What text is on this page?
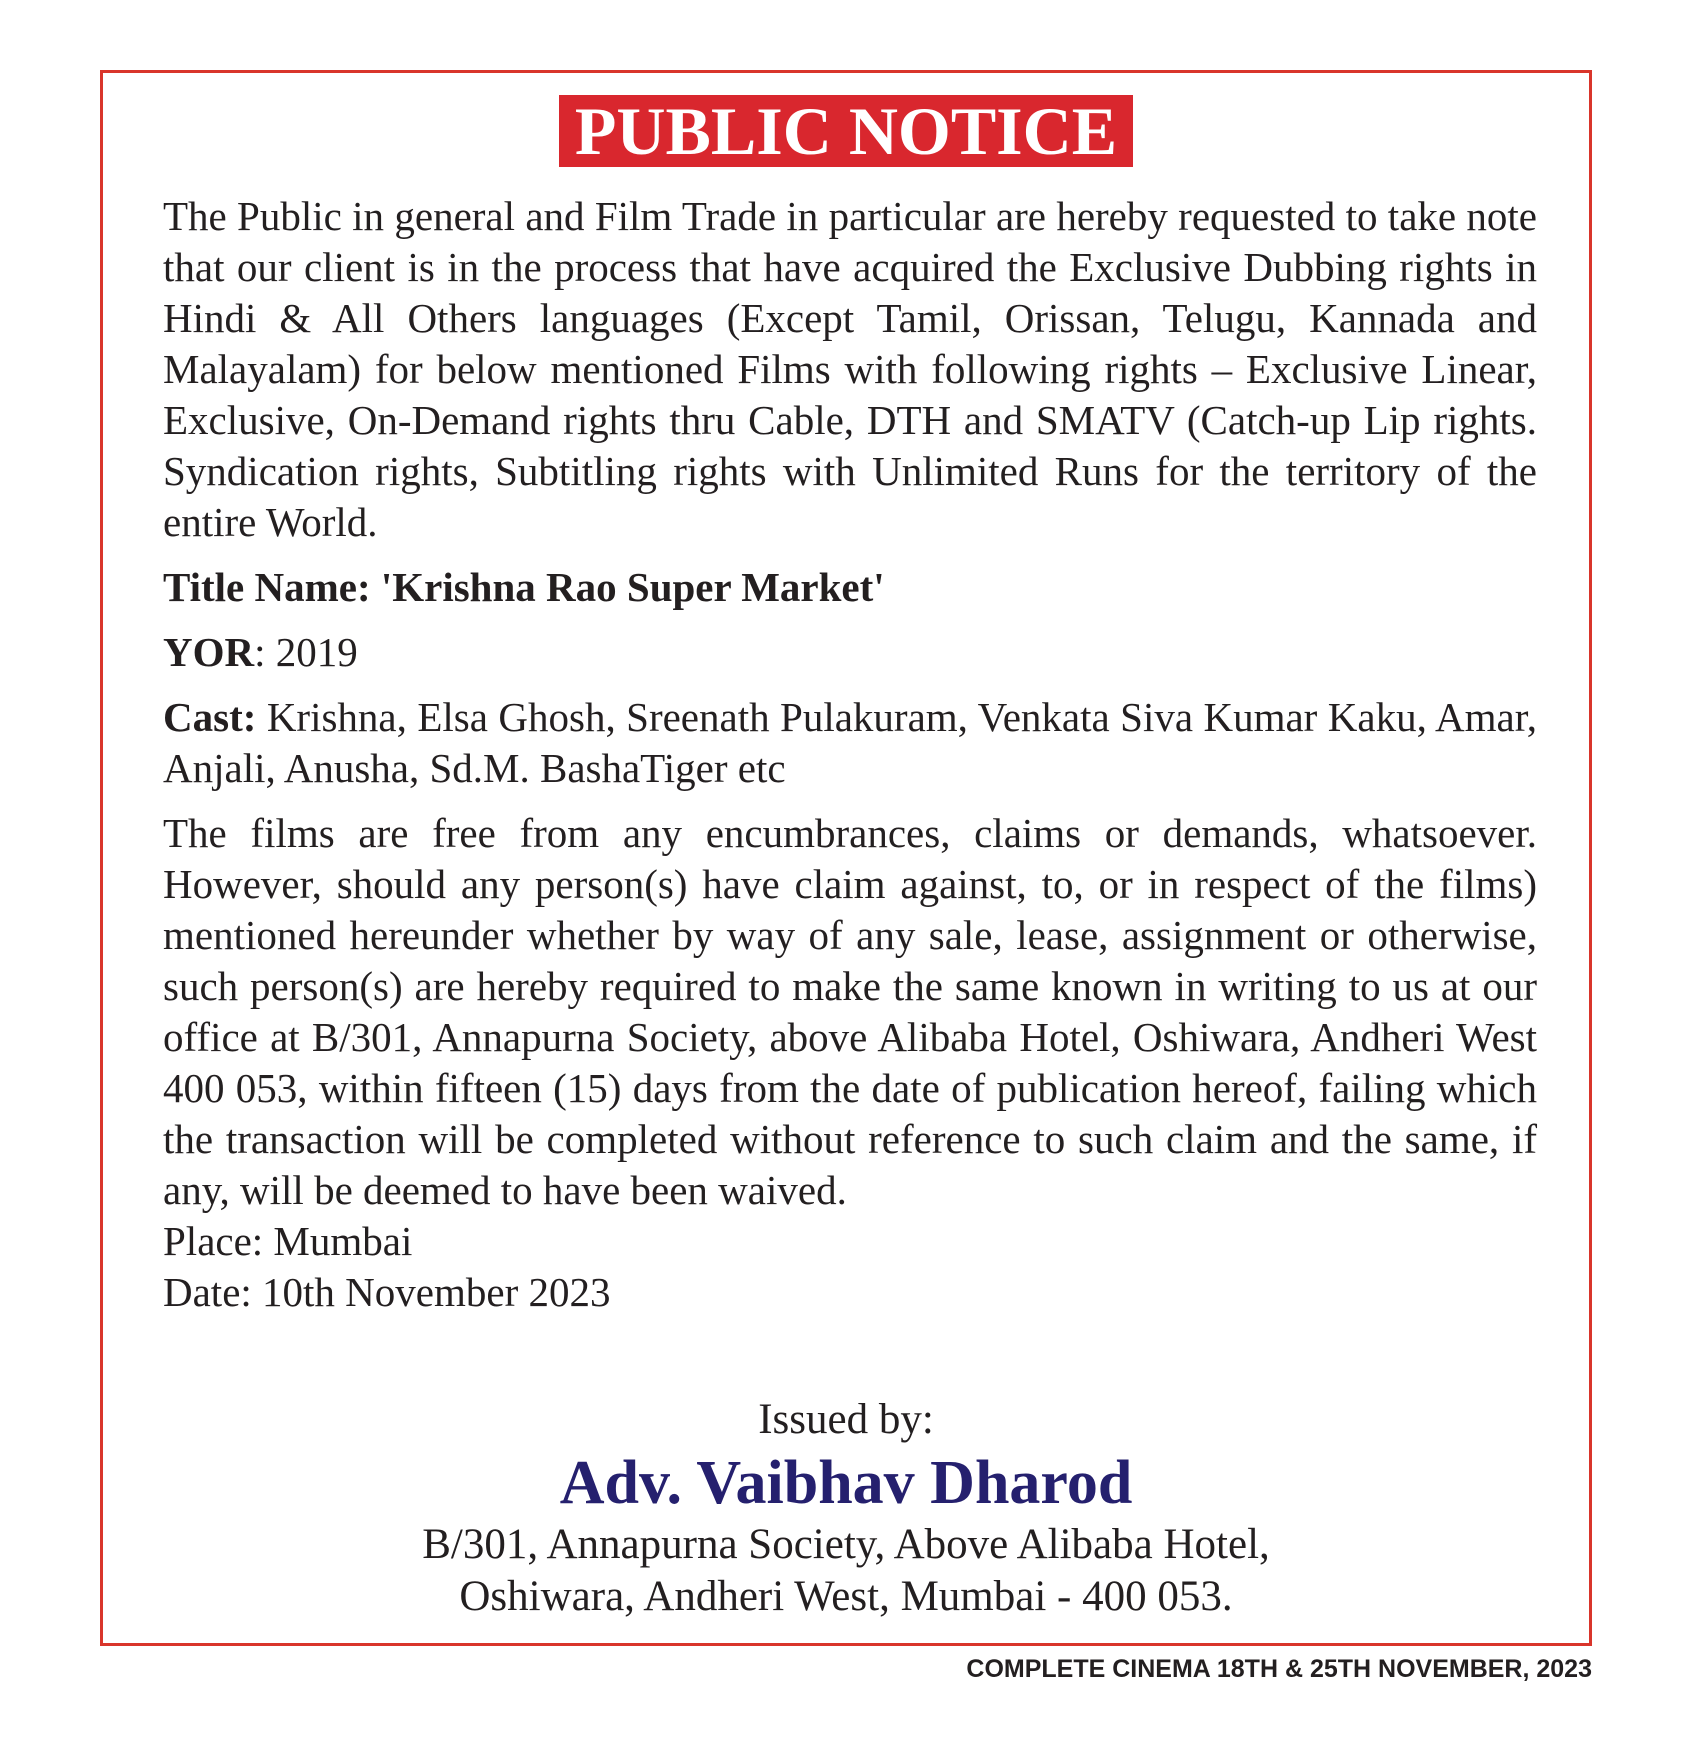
PUBLIC NOTICE

The Public in general and Film Trade in particular are hereby requested to take note that our client is in the process that have acquired the Exclusive Dubbing rights in Hindi & All Others languages (Except Tamil, Orissan, Telugu, Kannada and Malayalam) for below mentioned Films with following rights – Exclusive Linear, Exclusive, On-Demand rights thru Cable, DTH and SMATV (Catch-up Lip rights. Syndication rights, Subtitling rights with Unlimited Runs for the territory of the entire World.

Title Name: 'Krishna Rao Super Market'

YOR: 2019

Cast: Krishna, Elsa Ghosh, Sreenath Pulakuram, Venkata Siva Kumar Kaku, Amar, Anjali, Anusha, Sd.M. BashaTiger etc

The films are free from any encumbrances, claims or demands, whatsoever. However, should any person(s) have claim against, to, or in respect of the films) mentioned hereunder whether by way of any sale, lease, assignment or otherwise, such person(s) are hereby required to make the same known in writing to us at our office at B/301, Annapurna Society, above Alibaba Hotel, Oshiwara, Andheri West 400 053, within fifteen (15) days from the date of publication hereof, failing which the transaction will be completed without reference to such claim and the same, if any, will be deemed to have been waived.

Place: Mumbai

Date: 10th November 2023

Issued by:
Adv. Vaibhav Dharod
B/301, Annapurna Society, Above Alibaba Hotel,
Oshiwara, Andheri West, Mumbai - 400 053.
COMPLETE CINEMA 18TH & 25TH NOVEMBER, 2023
